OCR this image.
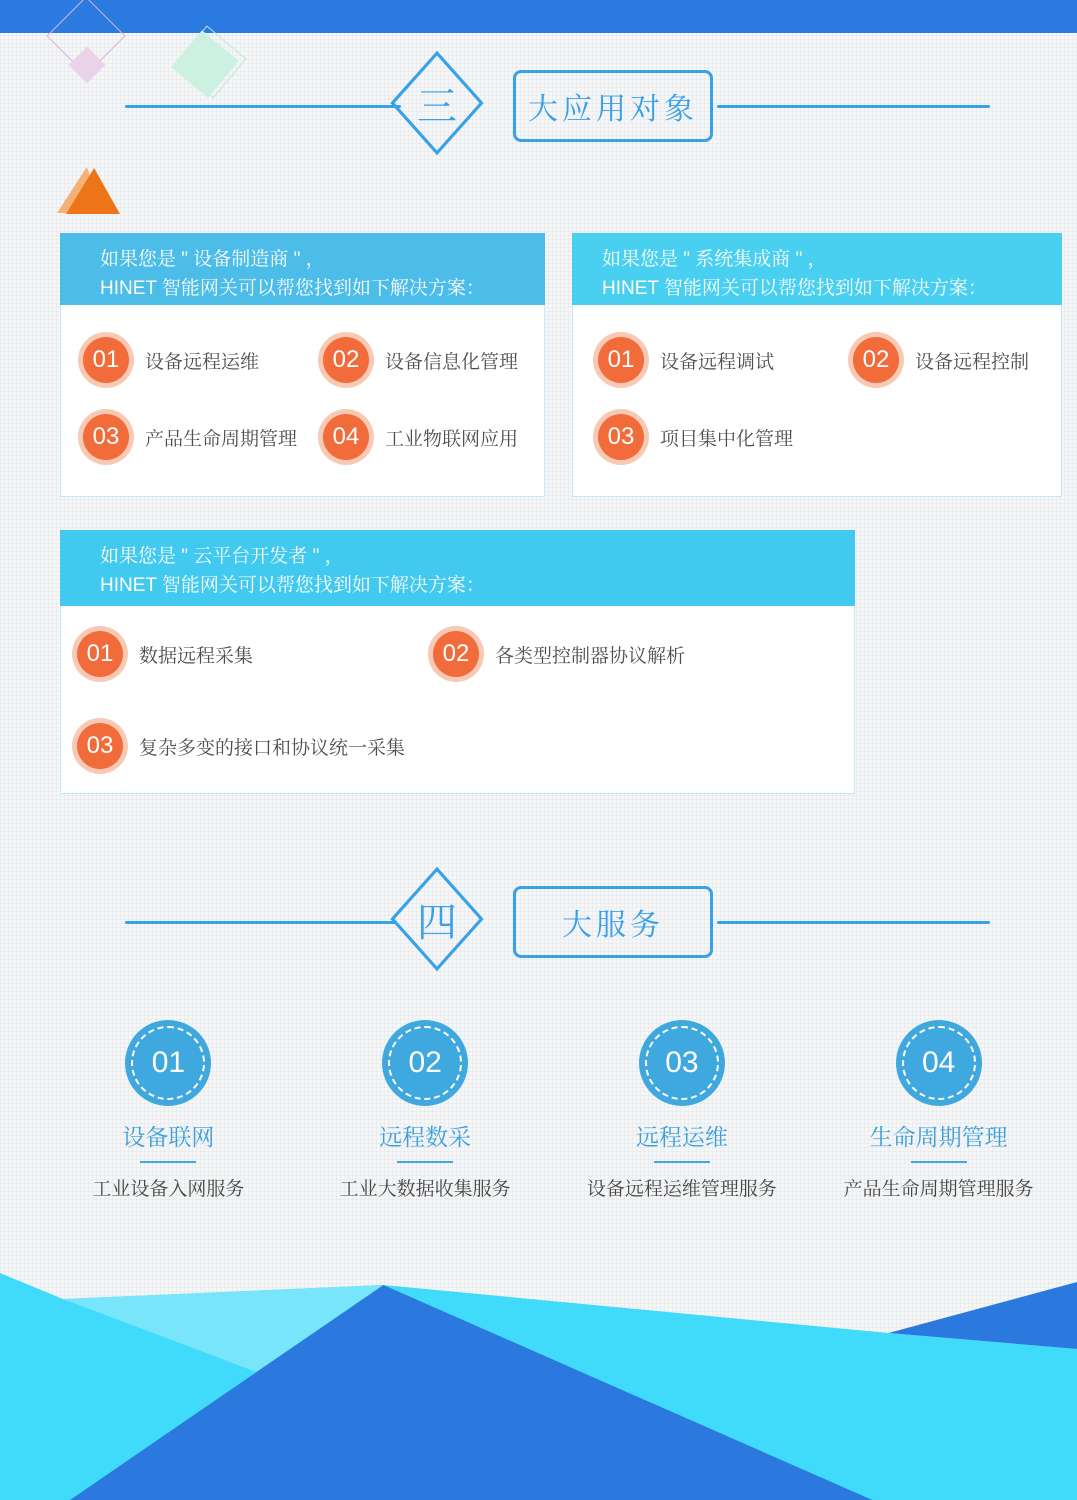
三	大应用对象
如果您是 " 设备制造商 " ，
HINET 智能网关可以帮您找到如下解决方案：
01	设备远程运维	02	设备信息化管理
03	产品生命周期管理	04	工业物联网应用
如果您是 " 系统集成商 " ，
HINET 智能网关可以帮您找到如下解决方案：
01	设备远程调试	02	设备远程控制
03	项目集中化管理
如果您是 " 云平台开发者 " ，
HINET 智能网关可以帮您找到如下解决方案：
01	数据远程采集	02	各类型控制器协议解析
03	复杂多变的接口和协议统一采集
四	大服务
01
设备联网
工业设备入网服务
02
远程数采
工业大数据收集服务
03
远程运维
设备远程运维管理服务
04
生命周期管理
产品生命周期管理服务
